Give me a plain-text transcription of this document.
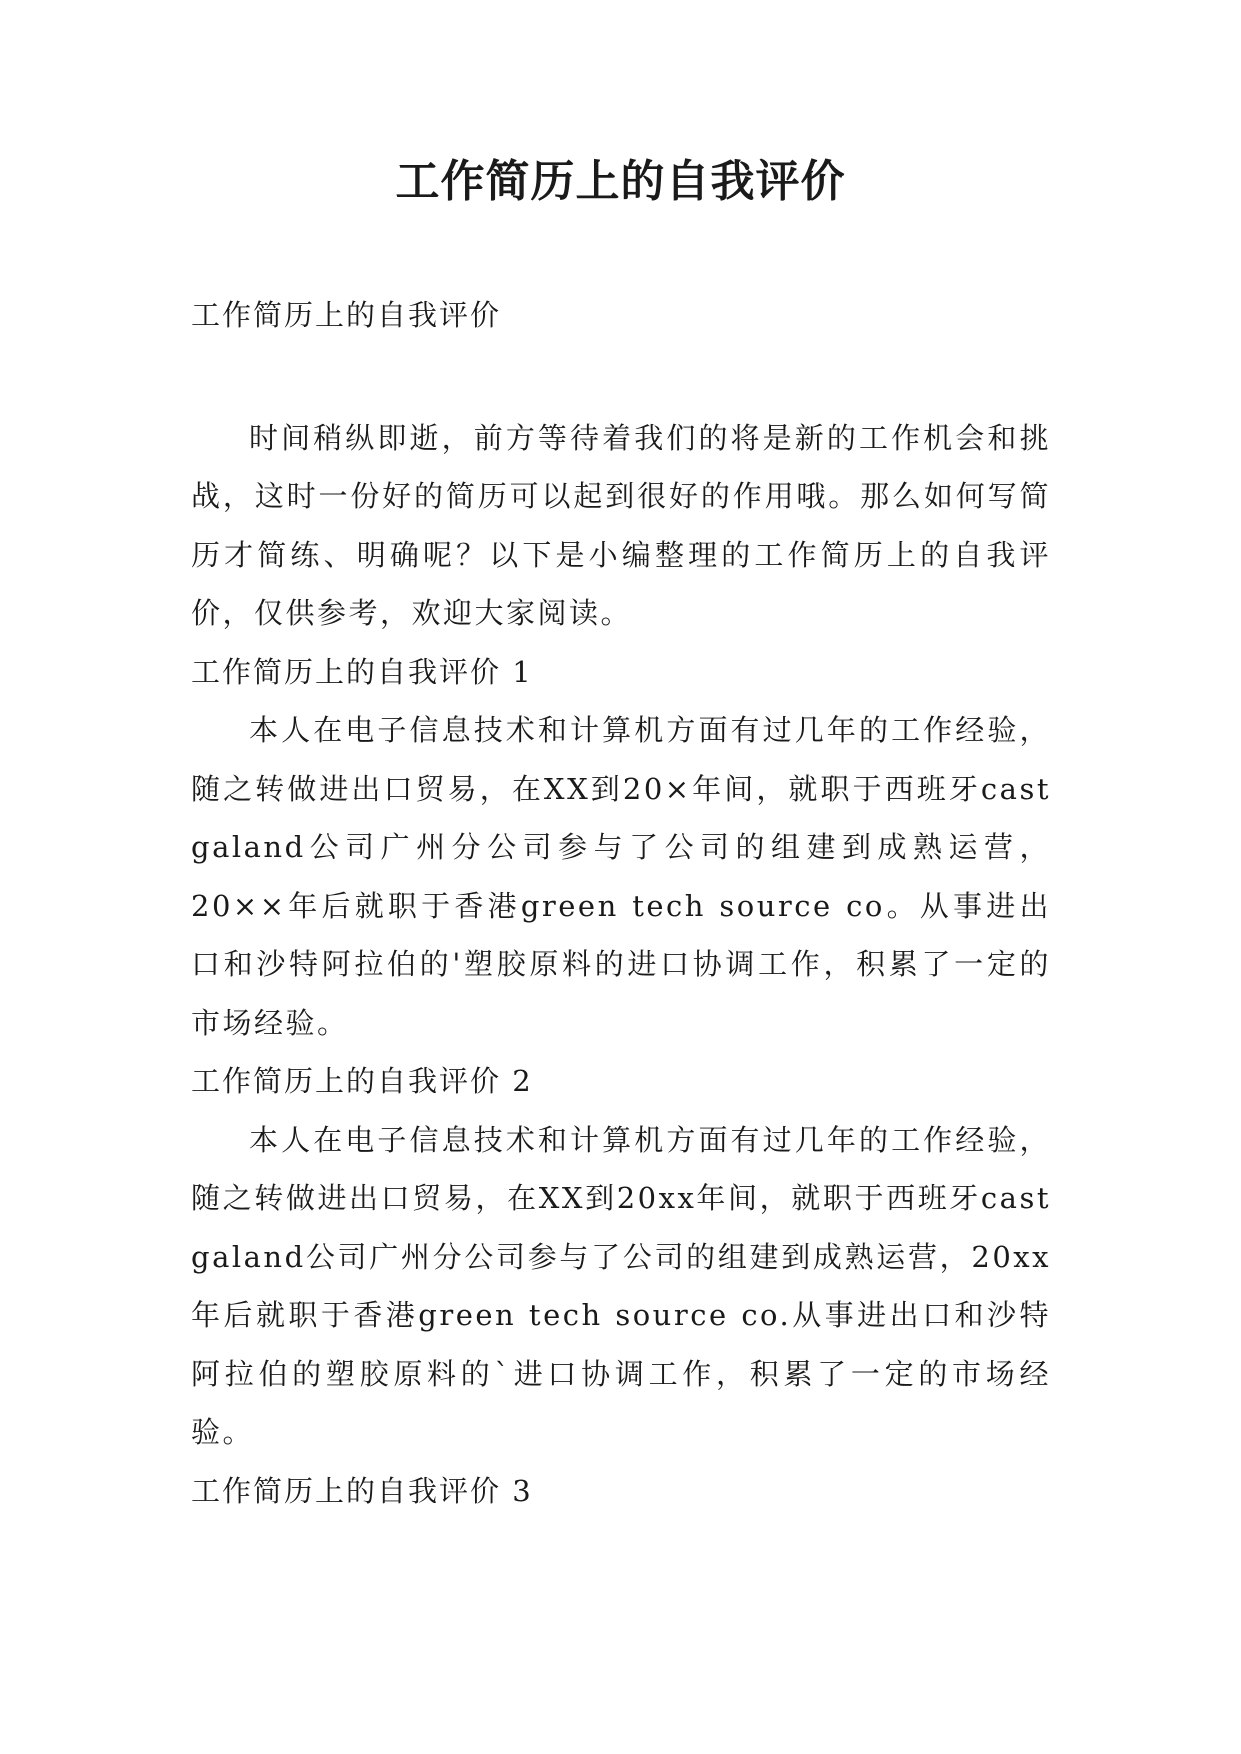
工作简历上的自我评价

工作简历上的自我评价

时间稍纵即逝，前方等待着我们的将是新的工作机会和挑战，这时一份好的简历可以起到很好的作用哦。那么如何写简历才简练、明确呢？以下是小编整理的工作简历上的自我评价，仅供参考，欢迎大家阅读。

工作简历上的自我评价 1

本人在电子信息技术和计算机方面有过几年的工作经验，随之转做进出口贸易，在XX到20×年间，就职于西班牙cast galand公司广州分公司参与了公司的组建到成熟运营，20××年后就职于香港green tech source co。从事进出口和沙特阿拉伯的'塑胶原料的进口协调工作，积累了一定的市场经验。

工作简历上的自我评价 2

本人在电子信息技术和计算机方面有过几年的工作经验，随之转做进出口贸易，在XX到20xx年间，就职于西班牙cast galand公司广州分公司参与了公司的组建到成熟运营，20xx年后就职于香港green tech source co.从事进出口和沙特阿拉伯的塑胶原料的`进口协调工作，积累了一定的市场经验。

工作简历上的自我评价 3
